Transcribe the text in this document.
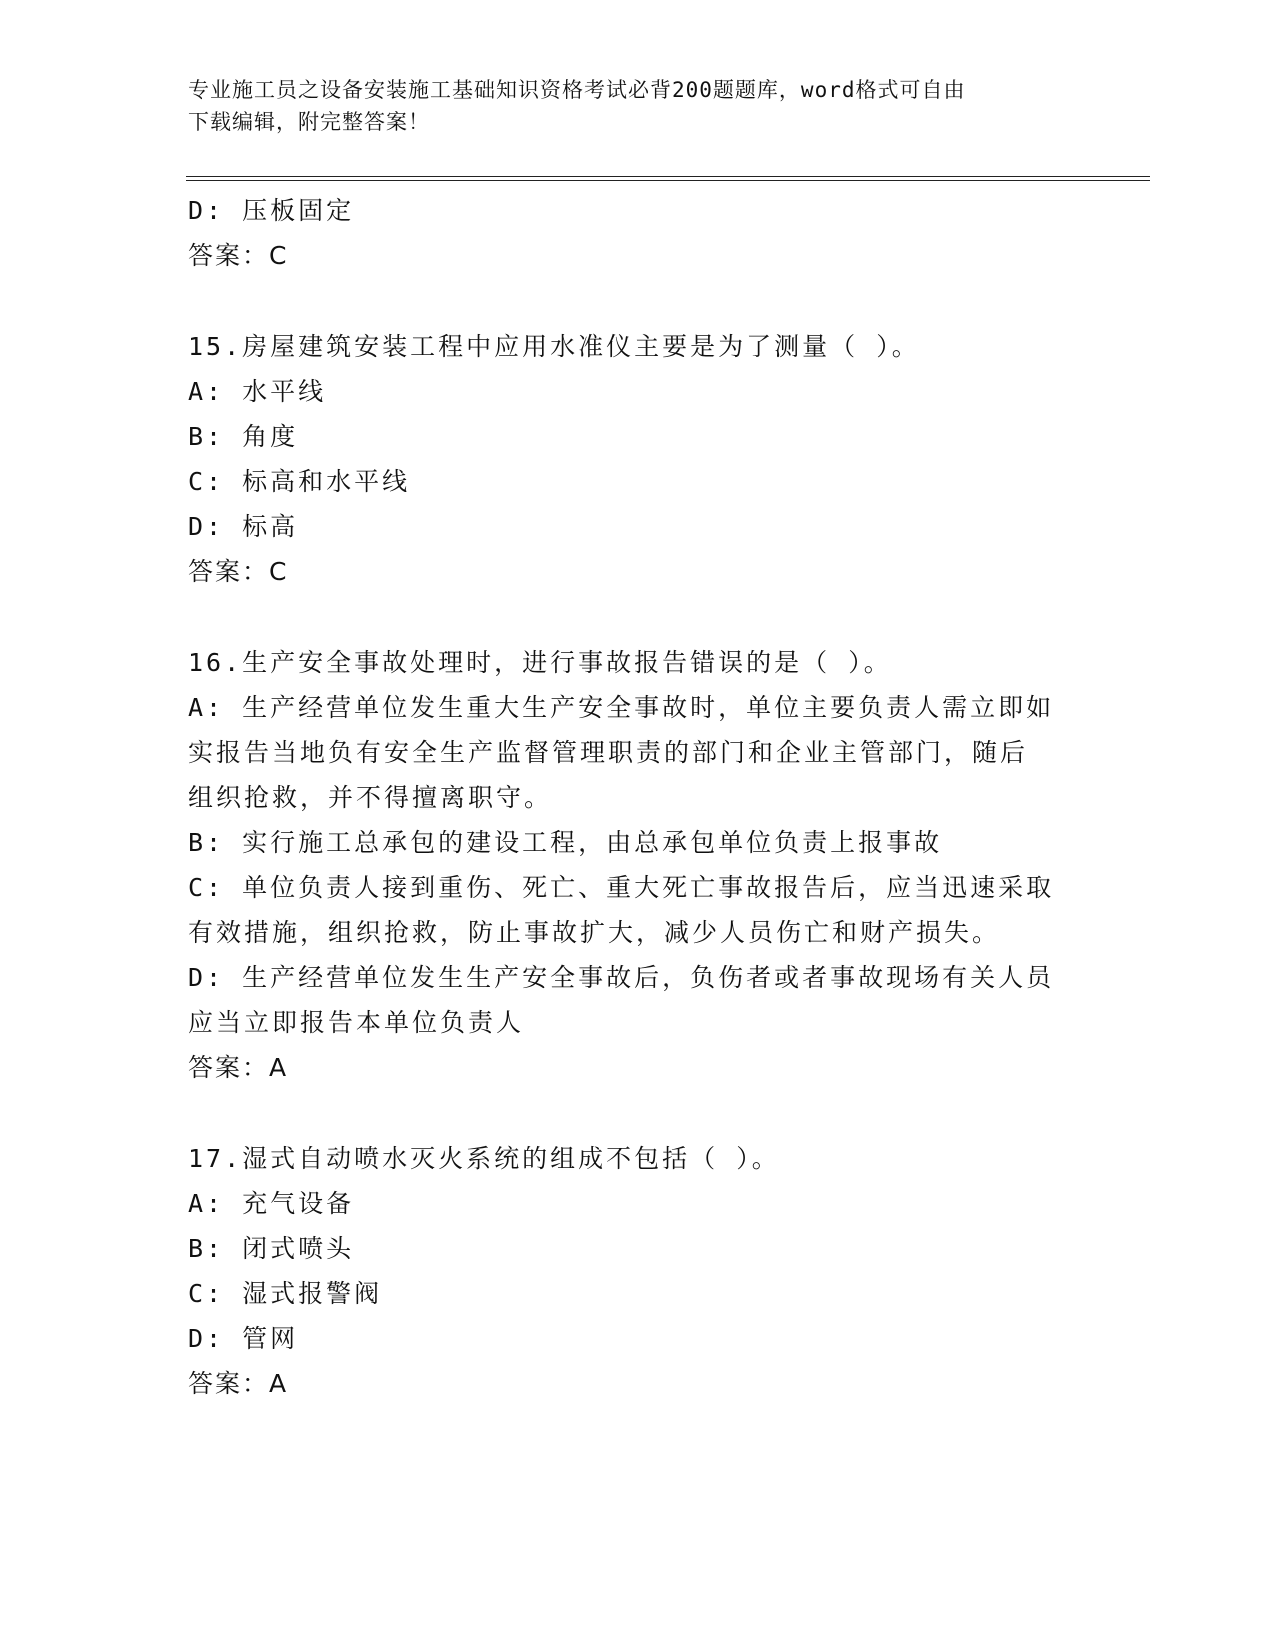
专业施工员之设备安装施工基础知识资格考试必背200题题库，word格式可自由
下载编辑，附完整答案！
D: 压板固定
答案：C
15.房屋建筑安装工程中应用水准仪主要是为了测量（ ）。
A: 水平线
B: 角度
C: 标高和水平线
D: 标高
答案：C
16.生产安全事故处理时，进行事故报告错误的是（ ）。
A: 生产经营单位发生重大生产安全事故时，单位主要负责人需立即如
实报告当地负有安全生产监督管理职责的部门和企业主管部门，随后
组织抢救，并不得擅离职守。
B: 实行施工总承包的建设工程，由总承包单位负责上报事故
C: 单位负责人接到重伤、死亡、重大死亡事故报告后，应当迅速采取
有效措施，组织抢救，防止事故扩大，减少人员伤亡和财产损失。
D: 生产经营单位发生生产安全事故后，负伤者或者事故现场有关人员
应当立即报告本单位负责人
答案：A
17.湿式自动喷水灭火系统的组成不包括（ ）。
A: 充气设备
B: 闭式喷头
C: 湿式报警阀
D: 管网
答案：A
